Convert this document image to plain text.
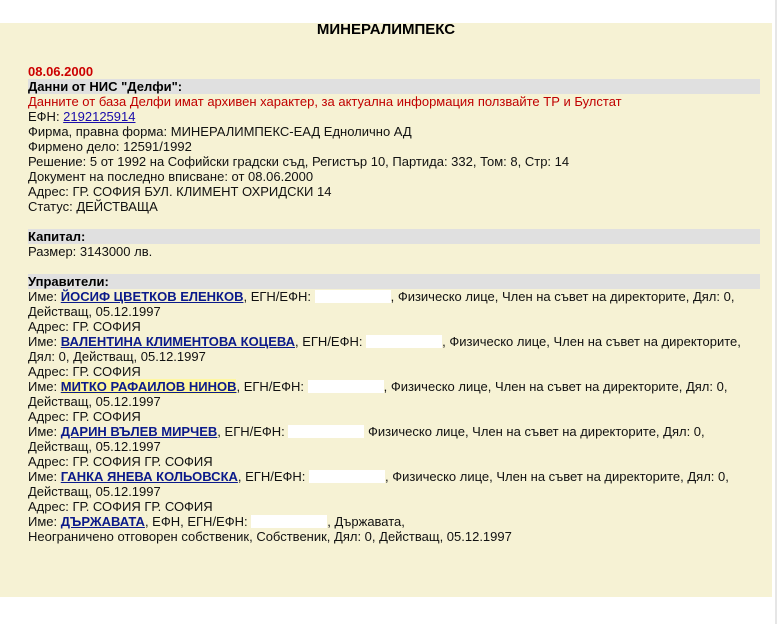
МИНЕРАЛИМПЕКС
08.06.2000
Данни от НИС "Делфи":
Данните от база Делфи имат архивен характер, за актуална информация ползвайте ТР и Булстат
ЕФН: 2192125914
Фирма, правна форма: МИНЕРАЛИМПЕКС-ЕАД Еднолично АД
Фирмено дело: 12591/1992
Решение: 5 от 1992 на Софийски градски съд, Регистър 10, Партида: 332, Том: 8, Стр: 14
Документ на последно вписване: от 08.06.2000
Адрес: ГР. СОФИЯ БУЛ. КЛИМЕНТ ОХРИДСКИ 14
Статус: ДЕЙСТВАЩА
Капитал:
Размер: 3143000 лв.
Управители:
Име: ЙОСИФ ЦВЕТКОВ ЕЛЕНКОВ, ЕГН/ЕФН:	, Физическо лице, Член на съвет на директорите, Дял: 0,
Действащ, 05.12.1997
Адрес: ГР. СОФИЯ
Име: ВАЛЕНТИНА КЛИМЕНТОВА КОЦЕВА, ЕГН/ЕФН:	, Физическо лице, Член на съвет на директорите,
Дял: 0, Действащ, 05.12.1997
Адрес: ГР. СОФИЯ
Име: МИТКО РАФАИЛОВ НИНОВ, ЕГН/ЕФН:	, Физическо лице, Член на съвет на директорите, Дял: 0,
Действащ, 05.12.1997
Адрес: ГР. СОФИЯ
Име: ДАРИН ВЪЛЕВ МИРЧЕВ, ЕГН/ЕФН:	Физическо лице, Член на съвет на директорите, Дял: 0,
Действащ, 05.12.1997
Адрес: ГР. СОФИЯ ГР. СОФИЯ
Име: ГАНКА ЯНЕВА КОЛЬОВСКА, ЕГН/ЕФН:	, Физическо лице, Член на съвет на директорите, Дял: 0,
Действащ, 05.12.1997
Адрес: ГР. СОФИЯ ГР. СОФИЯ
Име: ДЪРЖАВАТА, ЕФН, ЕГН/ЕФН:	, Държавата,
Неограничено отговорен собственик, Собственик, Дял: 0, Действащ, 05.12.1997
